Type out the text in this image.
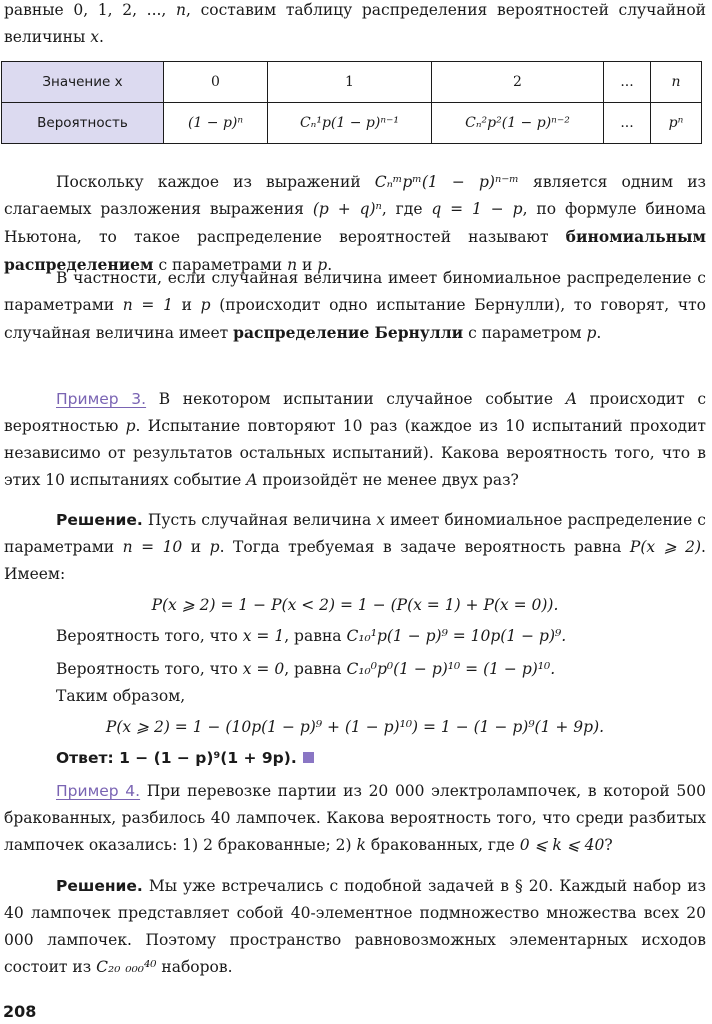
равные 0, 1, 2, ..., n, составим таблицу распределения вероятностей случайной величины x.

Значение x	0	1	2	...	n
Вероятность	(1 − p)ⁿ	Cₙ¹p(1 − p)ⁿ⁻¹	Cₙ²p²(1 − p)ⁿ⁻²	...	pⁿ

Поскольку каждое из выражений Cₙᵐpᵐ(1 − p)ⁿ⁻ᵐ является одним из слагаемых разложения выражения (p + q)ⁿ, где q = 1 − p, по формуле бинома Ньютона, то такое распределение вероятностей называют биномиальным распределением с параметрами n и p.

В частности, если случайная величина имеет биномиальное распределение с параметрами n = 1 и p (происходит одно испытание Бернулли), то говорят, что случайная величина имеет распределение Бернулли с параметром p.

Пример 3. В некотором испытании случайное событие A происходит с вероятностью p. Испытание повторяют 10 раз (каждое из 10 испытаний проходит независимо от результатов остальных испытаний). Какова вероятность того, что в этих 10 испытаниях событие A произойдёт не менее двух раз?

Решение. Пусть случайная величина x имеет биномиальное распределение с параметрами n = 10 и p. Тогда требуемая в задаче вероятность равна P(x ⩾ 2). Имеем:

P(x ⩾ 2) = 1 − P(x < 2) = 1 − (P(x = 1) + P(x = 0)).

Вероятность того, что x = 1, равна C₁₀¹p(1 − p)⁹ = 10p(1 − p)⁹.

Вероятность того, что x = 0, равна C₁₀⁰p⁰(1 − p)¹⁰ = (1 − p)¹⁰.

Таким образом,

P(x ⩾ 2) = 1 − (10p(1 − p)⁹ + (1 − p)¹⁰) = 1 − (1 − p)⁹(1 + 9p).

Ответ: 1 − (1 − p)⁹(1 + 9p).

Пример 4. При перевозке партии из 20 000 электролампочек, в которой 500 бракованных, разбилось 40 лампочек. Какова вероятность того, что среди разбитых лампочек оказались: 1) 2 бракованные; 2) k бракованных, где 0 ⩽ k ⩽ 40?

Решение. Мы уже встречались с подобной задачей в § 20. Каждый набор из 40 лампочек представляет собой 40-элементное подмножество множества всех 20 000 лампочек. Поэтому пространство равновозможных элементарных исходов состоит из C₂₀ ₀₀₀⁴⁰ наборов.

208
